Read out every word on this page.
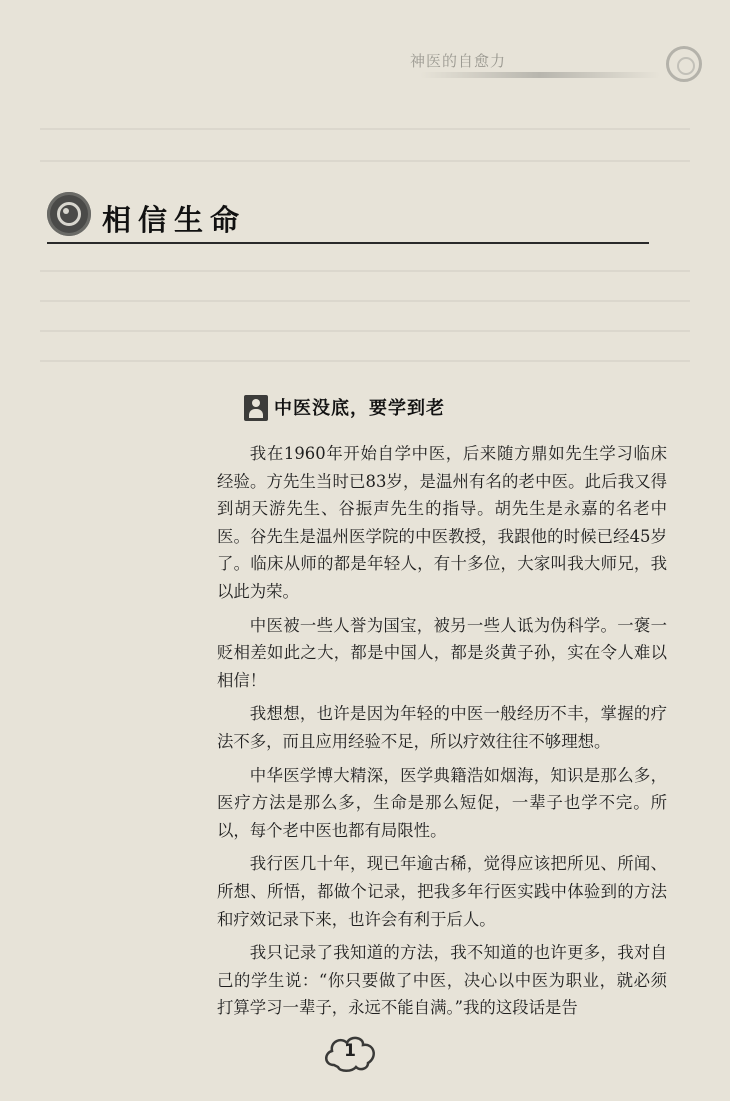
神医的自愈力
相信生命
中医没底，要学到老

我在1960年开始自学中医，后来随方鼎如先生学习临床经验。方先生当时已83岁，是温州有名的老中医。此后我又得到胡天游先生、谷振声先生的指导。胡先生是永嘉的名老中医。谷先生是温州医学院的中医教授，我跟他的时候已经45岁了。临床从师的都是年轻人，有十多位，大家叫我大师兄，我以此为荣。

中医被一些人誉为国宝，被另一些人诋为伪科学。一褒一贬相差如此之大，都是中国人，都是炎黄子孙，实在令人难以相信！

我想想，也许是因为年轻的中医一般经历不丰，掌握的疗法不多，而且应用经验不足，所以疗效往往不够理想。

中华医学博大精深，医学典籍浩如烟海，知识是那么多，医疗方法是那么多，生命是那么短促，一辈子也学不完。所以，每个老中医也都有局限性。

我行医几十年，现已年逾古稀，觉得应该把所见、所闻、所想、所悟，都做个记录，把我多年行医实践中体验到的方法和疗效记录下来，也许会有利于后人。

我只记录了我知道的方法，我不知道的也许更多，我对自己的学生说：“你只要做了中医，决心以中医为职业，就必须打算学习一辈子，永远不能自满。”我的这段话是告

1
